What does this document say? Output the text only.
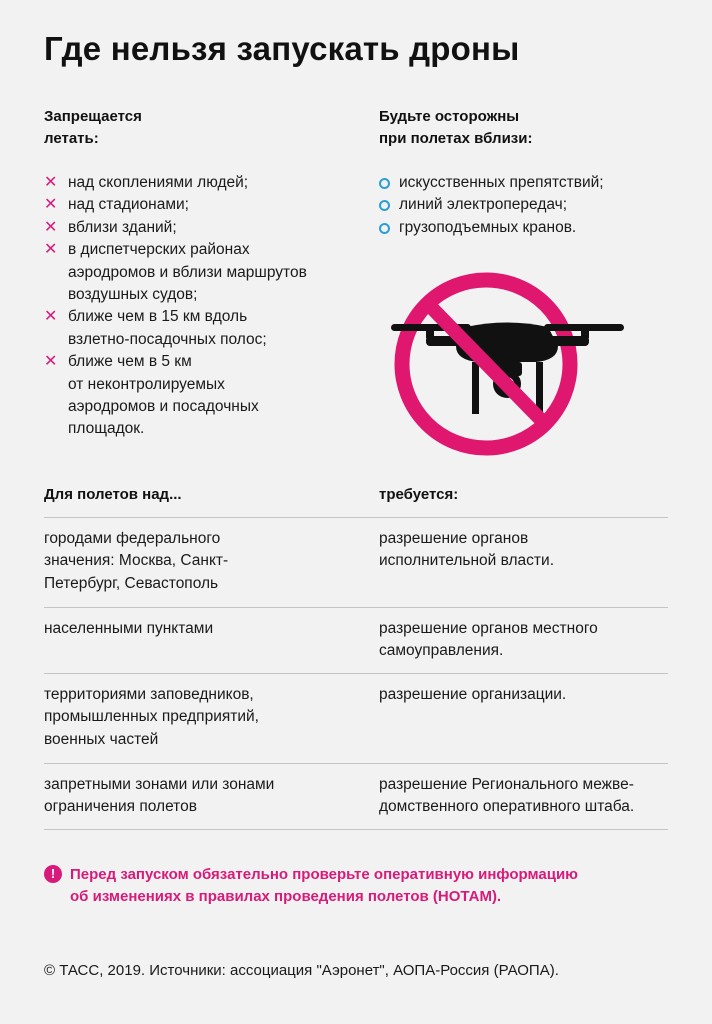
Где нельзя запускать дроны
Запрещается
летать:
Будьте осторожны
при полетах вблизи:
✕ над скоплениями людей;
✕ над стадионами;
✕ вблизи зданий;
✕ в диспетчерских районах
аэродромов и вблизи маршрутов
воздушных судов;
✕ ближе чем в 15 км вдоль
взлетно-посадочных полос;
✕ ближе чем в 5 км
от неконтролируемых
аэродромов и посадочных
площадок.
искусственных препятствий;
линий электропередач;
грузоподъемных кранов.
Для полетов над...	требуется:
городами федерального
значения: Москва, Санкт-
Петербург, Севастополь
разрешение органов
исполнительной власти.
населенными пунктами	разрешение органов местного
самоуправления.
территориями заповедников,
промышленных предприятий,
военных частей
разрешение организации.
запретными зонами или зонами
ограничения полетов
разрешение Регионального межве-
домственного оперативного штаба.
! Перед запуском обязательно проверьте оперативную информацию
об изменениях в правилах проведения полетов (НОТАМ).
© ТАСС, 2019. Источники: ассоциация "Аэронет", АОПА-Россия (РАОПА).
